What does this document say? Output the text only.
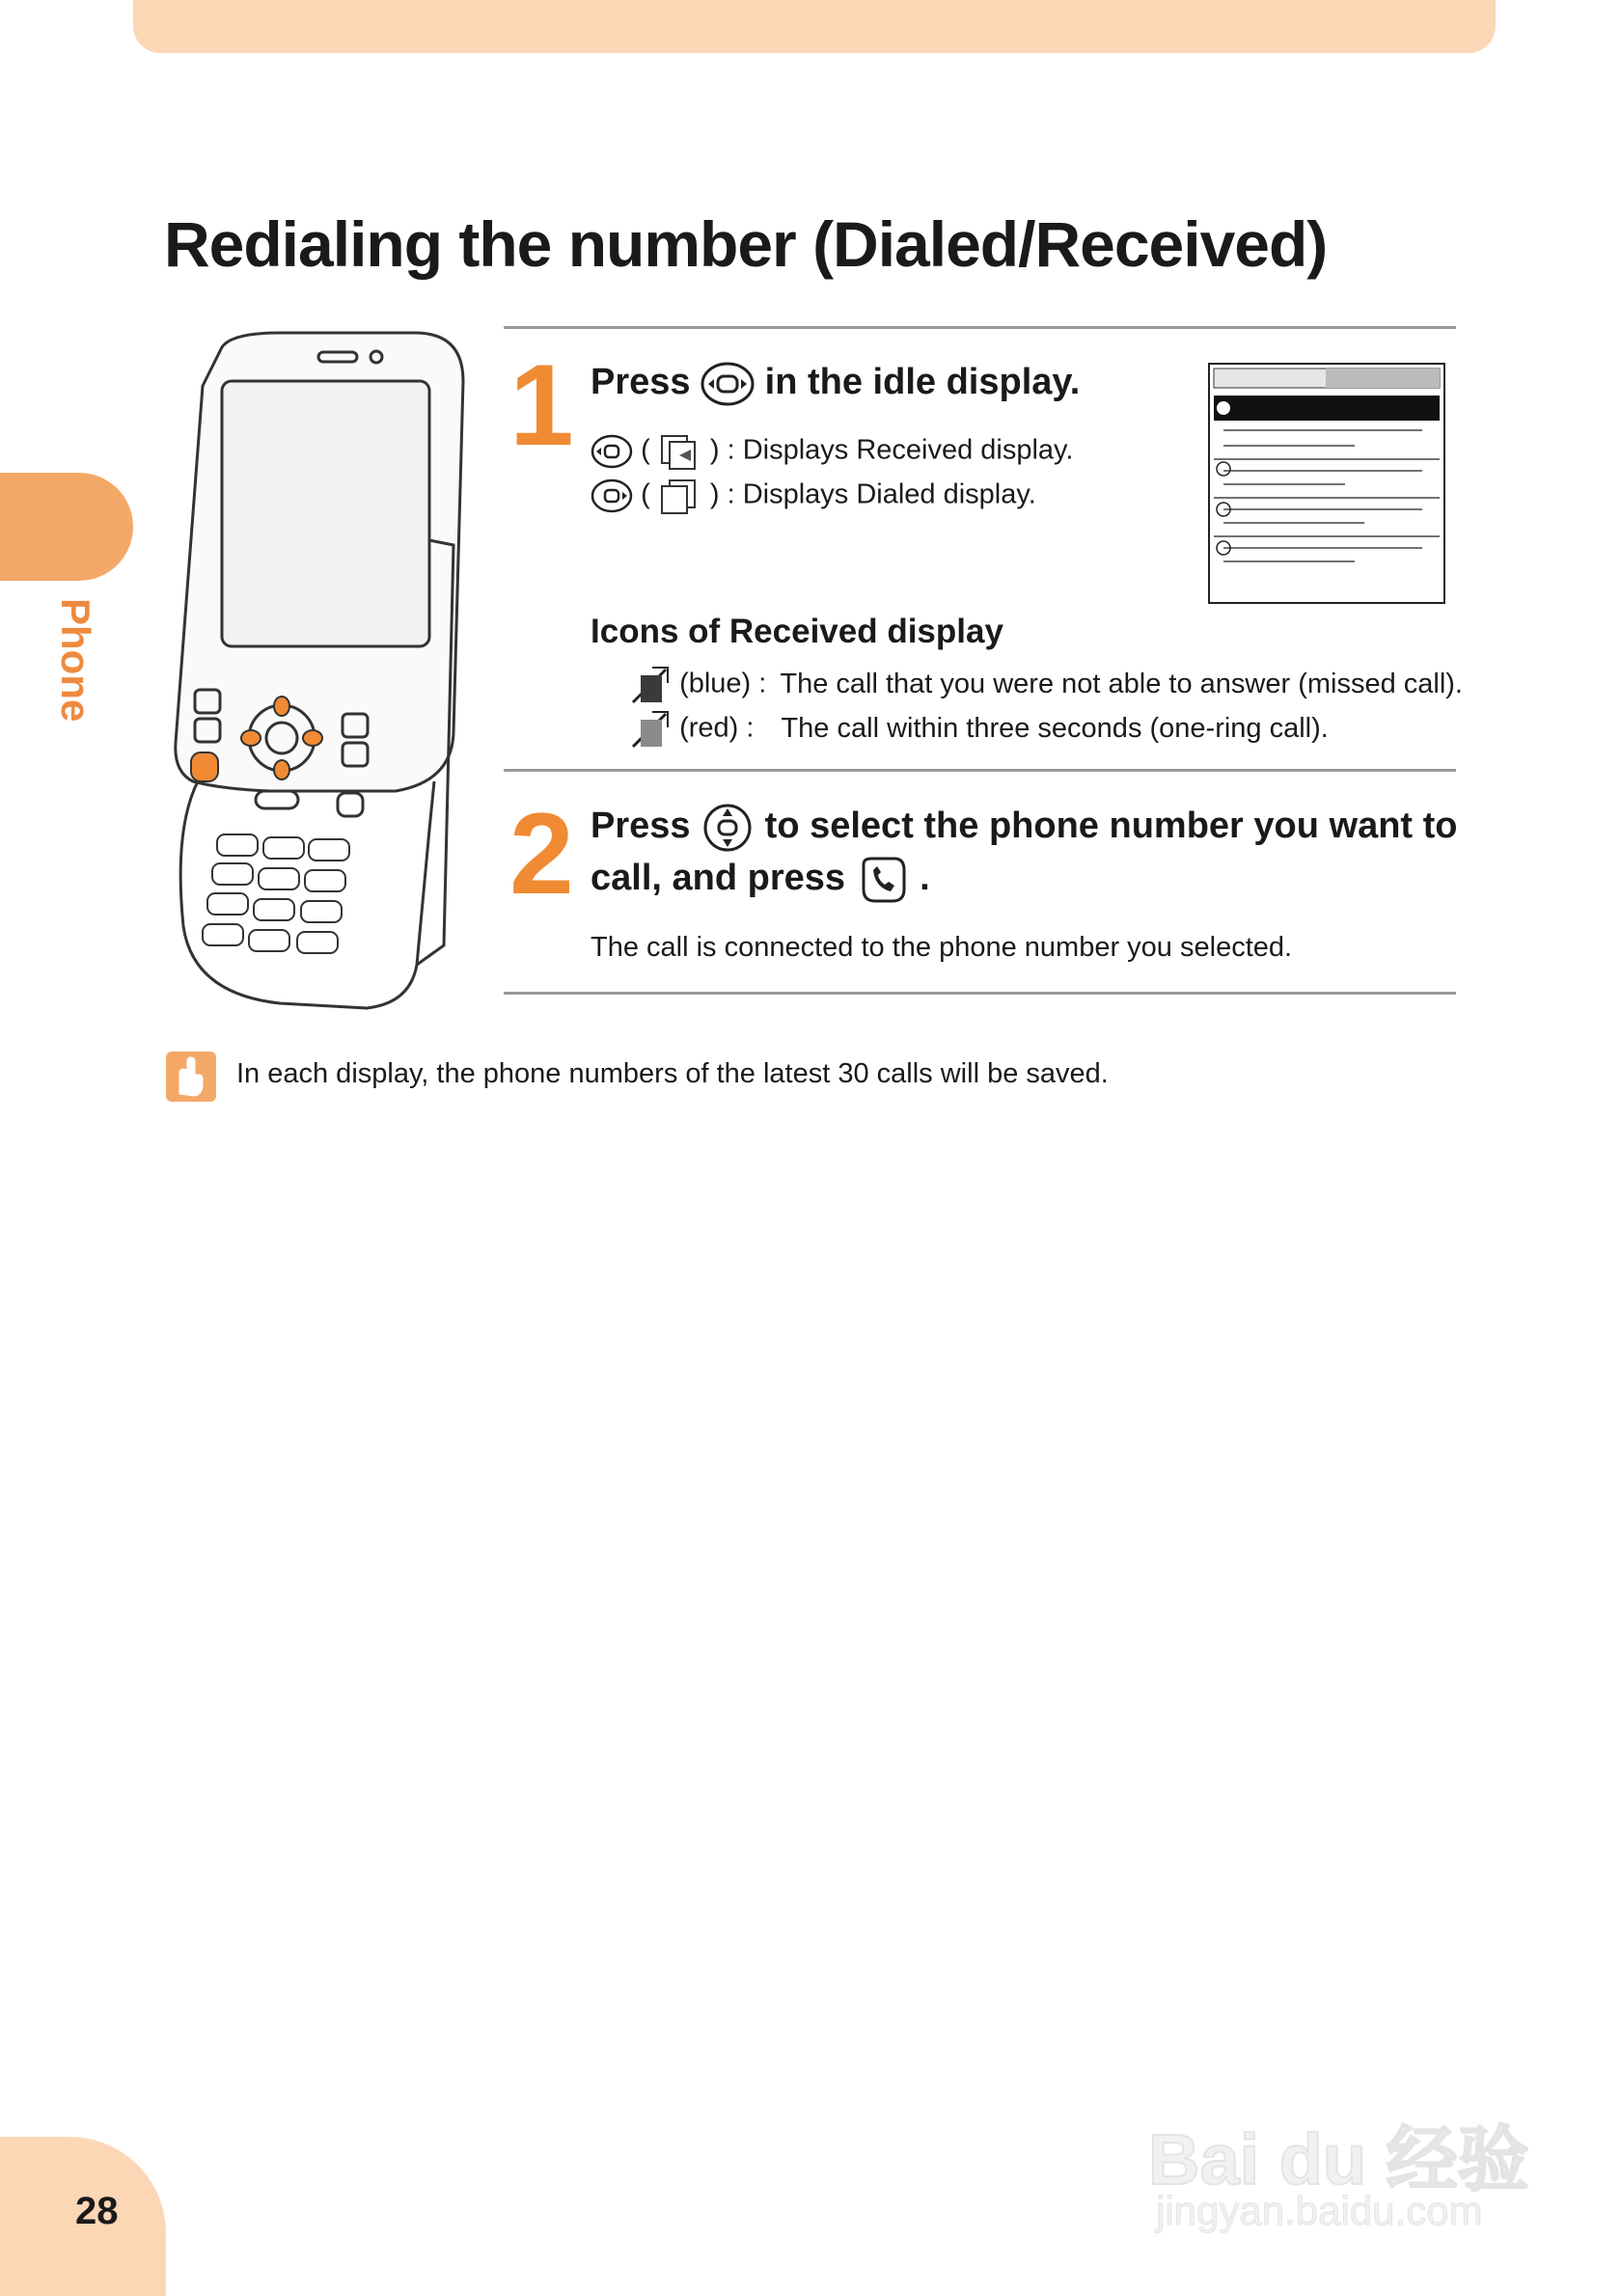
Phone
Redialing the number (Dialed/Received)
1 Press in the idle display.
( ) : Displays Received display.
( ) : Displays Dialed display.
Icons of Received display
(blue) : The call that you were not able to answer (missed call).
(red) : The call within three seconds (one-ring call).
2 Press to select the phone number you want to
call, and press .
The call is connected to the phone number you selected.
In each display, the phone numbers of the latest 30 calls will be saved.
Bai du 经验
jingyan.baidu.com
28
